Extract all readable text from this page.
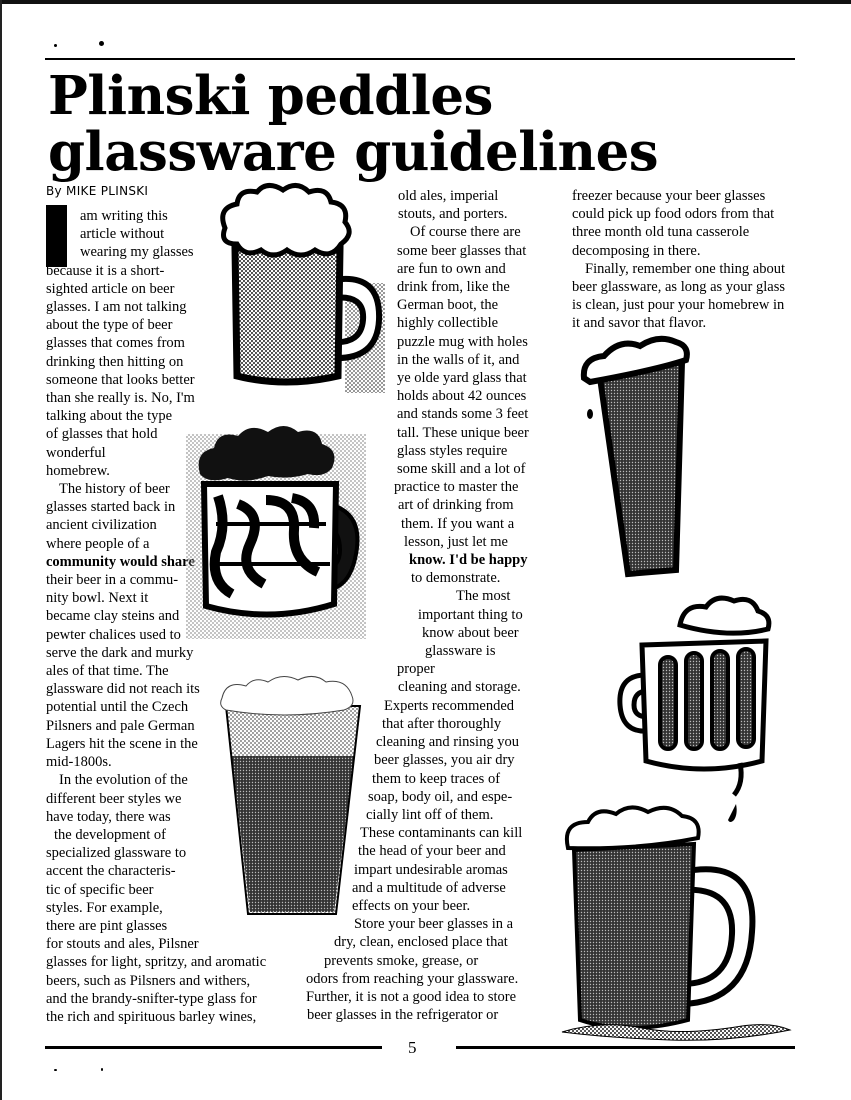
Plinski peddles
glassware guidelines
By MIKE PLINSKI
am writing this
article without
wearing my glasses
because it is a short-
sighted article on beer
glasses. I am not talking
about the type of beer
glasses that comes from
drinking then hitting on
someone that looks better
than she really is. No, I'm
talking about the type
of glasses that hold
wonderful
homebrew.
The history of beer
glasses started back in
ancient civilization
where people of a
community would share
their beer in a commu-
nity bowl. Next it
became clay steins and
pewter chalices used to
serve the dark and murky
ales of that time. The
glassware did not reach its
potential until the Czech
Pilsners and pale German
Lagers hit the scene in the
mid-1800s.
In the evolution of the
different beer styles we
have today, there was
the development of
specialized glassware to
accent the characteris-
tic of specific beer
styles. For example,
there are pint glasses
for stouts and ales, Pilsner
glasses for light, spritzy, and aromatic
beers, such as Pilsners and withers,
and the brandy-snifter-type glass for
the rich and spirituous barley wines,
old ales, imperial
stouts, and porters.
Of course there are
some beer glasses that
are fun to own and
drink from, like the
German boot, the
highly collectible
puzzle mug with holes
in the walls of it, and
ye olde yard glass that
holds about 42 ounces
and stands some 3 feet
tall. These unique beer
glass styles require
some skill and a lot of
practice to master the
art of drinking from
them. If you want a
lesson, just let me
know. I'd be happy
to demonstrate.
The most
important thing to
know about beer
glassware is
proper
cleaning and storage.
Experts recommended
that after thoroughly
cleaning and rinsing you
beer glasses, you air dry
them to keep traces of
soap, body oil, and espe-
cially lint off of them.
These contaminants can kill
the head of your beer and
impart undesirable aromas
and a multitude of adverse
effects on your beer.
Store your beer glasses in a
dry, clean, enclosed place that
prevents smoke, grease, or
odors from reaching your glassware.
Further, it is not a good idea to store
beer glasses in the refrigerator or
freezer because your beer glasses
could pick up food odors from that
three month old tuna casserole
decomposing in there.
Finally, remember one thing about
beer glassware, as long as your glass
is clean, just pour your homebrew in
it and savor that flavor.
5
